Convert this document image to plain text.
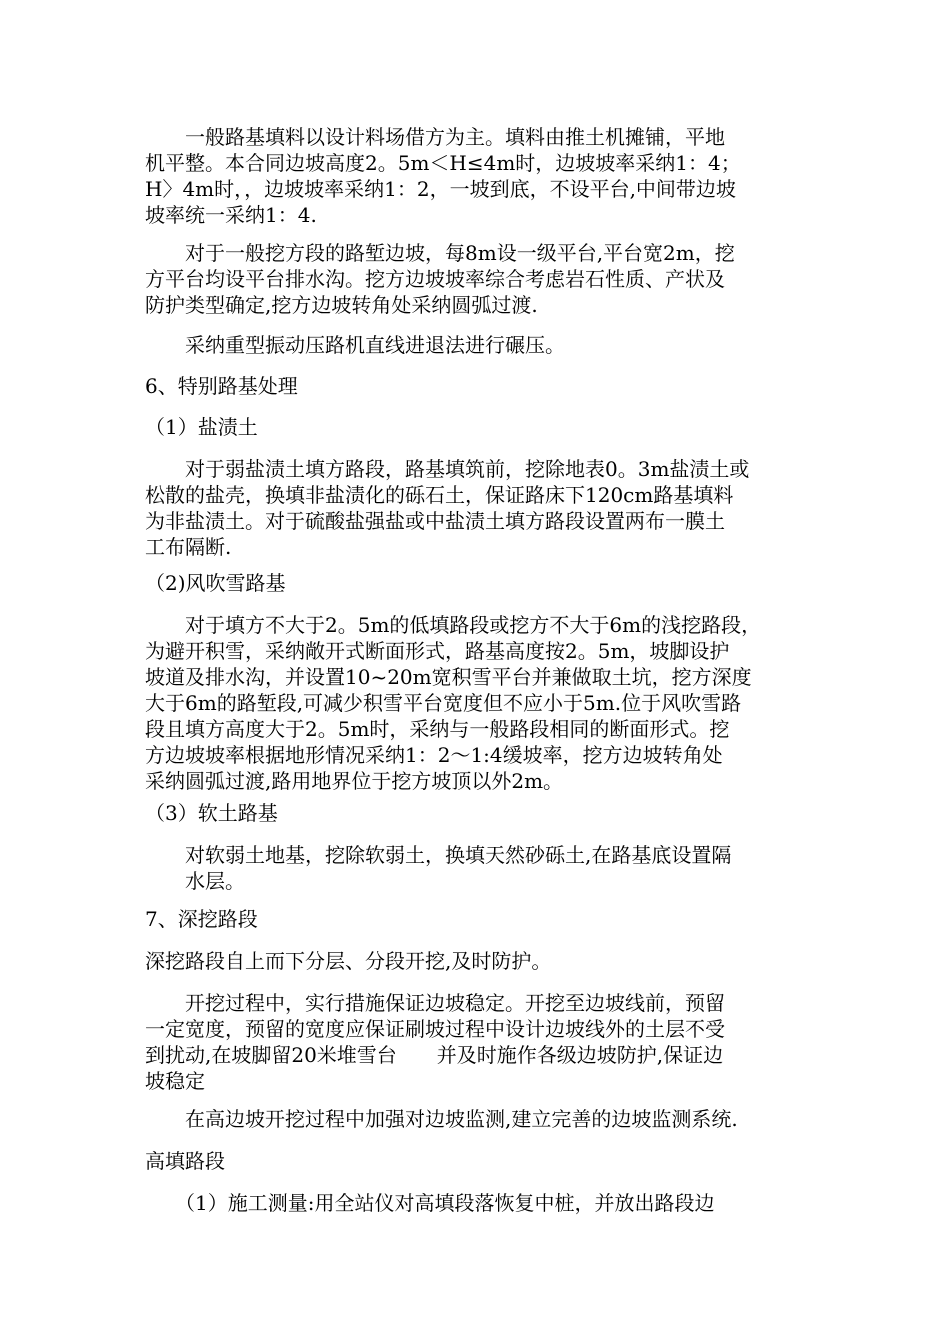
　　一般路基填料以设计料场借方为主。填料由推土机摊铺，平地
机平整。本合同边坡高度2。5m＜H≤4m时，边坡坡率采纳1：4；
H〉4m时，，边坡坡率采纳1：2，一坡到底，不设平台,中间带边坡
坡率统一采纳1：4.

　　对于一般挖方段的路堑边坡，每8m设一级平台,平台宽2m，挖
方平台均设平台排水沟。挖方边坡坡率综合考虑岩石性质、产状及
防护类型确定,挖方边坡转角处采纳圆弧过渡.

　　采纳重型振动压路机直线进退法进行碾压。

6、特别路基处理

（1）盐渍土

　　对于弱盐渍土填方路段，路基填筑前，挖除地表0。3m盐渍土或
松散的盐壳，换填非盐渍化的砾石土，保证路床下120cm路基填料
为非盐渍土。对于硫酸盐强盐或中盐渍土填方路段设置两布一膜土
工布隔断.

（2)风吹雪路基

　　对于填方不大于2。5m的低填路段或挖方不大于6m的浅挖路段，
为避开积雪，采纳敞开式断面形式，路基高度按2。5m，坡脚设护
坡道及排水沟，并设置10~20m宽积雪平台并兼做取土坑，挖方深度
大于6m的路堑段,可减少积雪平台宽度但不应小于5m.位于风吹雪路
段且填方高度大于2。5m时，采纳与一般路段相同的断面形式。挖
方边坡坡率根据地形情况采纳1：2～1:4缓坡率，挖方边坡转角处
采纳圆弧过渡,路用地界位于挖方坡顶以外2m。

（3）软土路基

　　对软弱土地基，挖除软弱土，换填天然砂砾土,在路基底设置隔
　　水层。

7、深挖路段

深挖路段自上而下分层、分段开挖,及时防护。

　　开挖过程中，实行措施保证边坡稳定。开挖至边坡线前，预留
一定宽度，预留的宽度应保证刷坡过程中设计边坡线外的土层不受
到扰动,在坡脚留20米堆雪台　　并及时施作各级边坡防护,保证边
坡稳定

　　在高边坡开挖过程中加强对边坡监测,建立完善的边坡监测系统.

高填路段

　　（1）施工测量:用全站仪对高填段落恢复中桩，并放出路段边
